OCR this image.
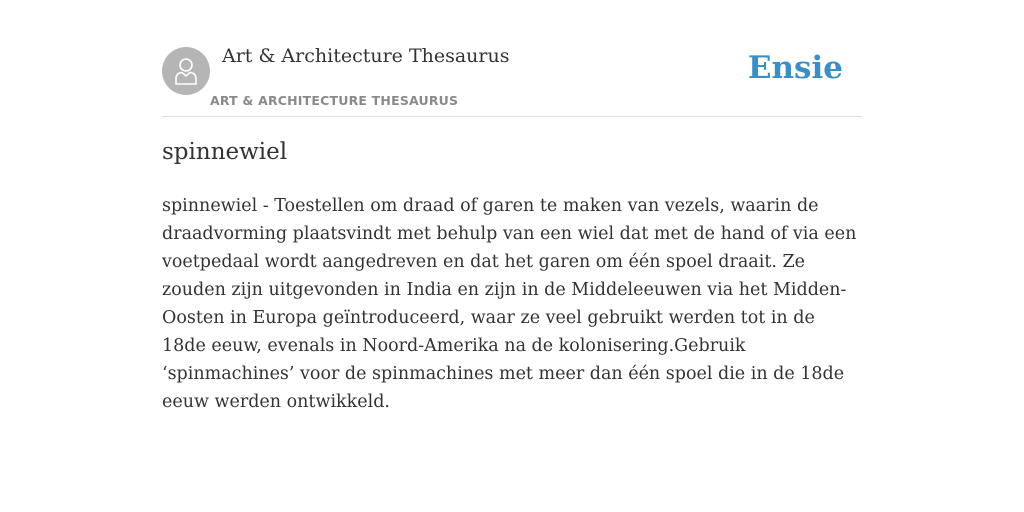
Art & Architecture Thesaurus
ART & ARCHITECTURE THESAURUS
Ensie
spinnewiel

spinnewiel - Toestellen om draad of garen te maken van vezels, waarin de draadvorming plaatsvindt met behulp van een wiel dat met de hand of via een voetpedaal wordt aangedreven en dat het garen om één spoel draait. Ze zouden zijn uitgevonden in India en zijn in de Middeleeuwen via het Midden-Oosten in Europa geïntroduceerd, waar ze veel gebruikt werden tot in de 18de eeuw, evenals in Noord-Amerika na de kolonisering.Gebruik ‘spinmachines’ voor de spinmachines met meer dan één spoel die in de 18de eeuw werden ontwikkeld.
